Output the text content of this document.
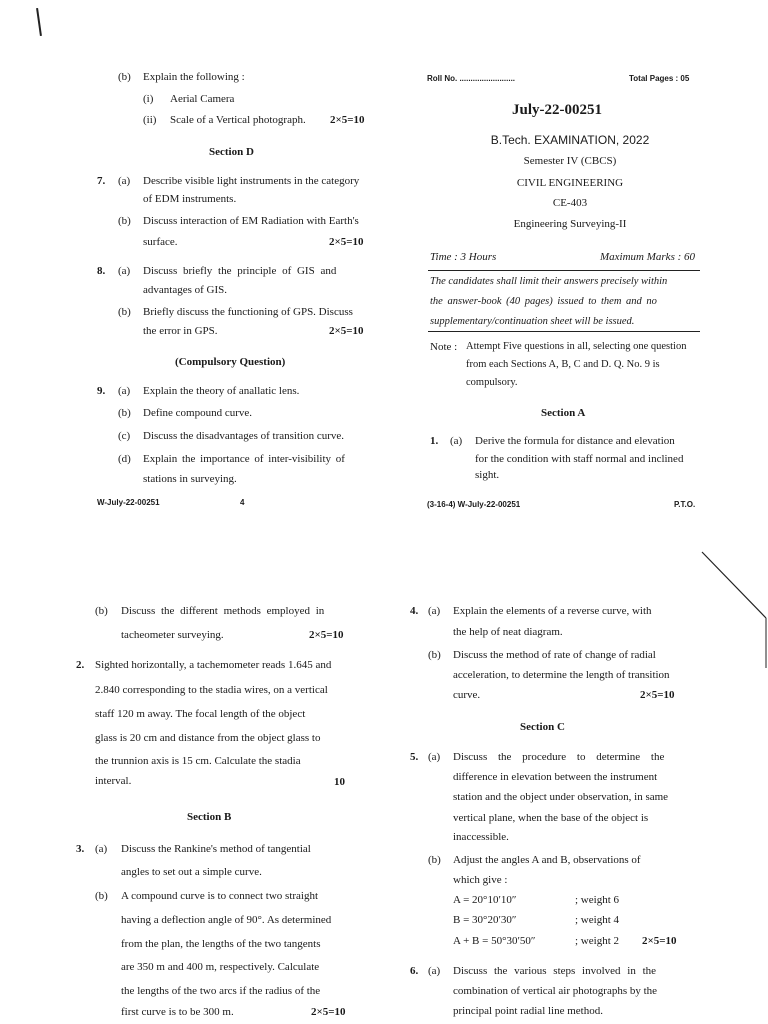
(b) Explain the following :
(i) Aerial Camera
(ii) Scale of a Vertical photograph. 2×5=10
Section D
7. (a) Describe visible light instruments in the category
of EDM instruments.
(b) Discuss interaction of EM Radiation with Earth's
surface.	2×5=10
8. (a) Discuss briefly the principle of GIS and
advantages of GIS.
(b) Briefly discuss the functioning of GPS. Discuss
the error in GPS.	2×5=10
(Compulsory Question)
9. (a) Explain the theory of anallatic lens.
(b) Define compound curve.
(c) Discuss the disadvantages of transition curve.
(d) Explain the importance of inter-visibility of
stations in surveying.
W-July-22-00251	4
Roll No. .........................	Total Pages : 05
July-22-00251
B.Tech. EXAMINATION, 2022
Semester IV (CBCS)
CIVIL ENGINEERING
CE-403
Engineering Surveying-II
Time : 3 Hours	Maximum Marks : 60
The candidates shall limit their answers precisely within
the answer-book (40 pages) issued to them and no
supplementary/continuation sheet will be issued.
Note : Attempt Five questions in all, selecting one question
from each Sections A, B, C and D. Q. No. 9 is
compulsory.
Section A
1. (a) Derive the formula for distance and elevation
for the condition with staff normal and inclined
sight.
(3-16-4) W-July-22-00251	P.T.O.
(b) Discuss the different methods employed in
tacheometer surveying.	2×5=10
2. Sighted horizontally, a tachemometer reads 1.645 and
2.840 corresponding to the stadia wires, on a vertical
staff 120 m away. The focal length of the object
glass is 20 cm and distance from the object glass to
the trunnion axis is 15 cm. Calculate the stadia
interval.	10
Section B
3. (a) Discuss the Rankine's method of tangential
angles to set out a simple curve.
(b) A compound curve is to connect two straight
having a deflection angle of 90°. As determined
from the plan, the lengths of the two tangents
are 350 m and 400 m, respectively. Calculate
the lengths of the two arcs if the radius of the
first curve is to be 300 m.	2×5=10
4. (a) Explain the elements of a reverse curve, with
the help of neat diagram.
(b) Discuss the method of rate of change of radial
acceleration, to determine the length of transition
curve.	2×5=10
Section C
5. (a) Discuss the procedure to determine the
difference in elevation between the instrument
station and the object under observation, in same
vertical plane, when the base of the object is
inaccessible.
(b) Adjust the angles A and B, observations of
which give :
A = 20°10′10″	; weight 6
B = 30°20′30″	; weight 4
A + B = 50°30′50″	; weight 2 2×5=10
6. (a) Discuss the various steps involved in the
combination of vertical air photographs by the
principal point radial line method.
